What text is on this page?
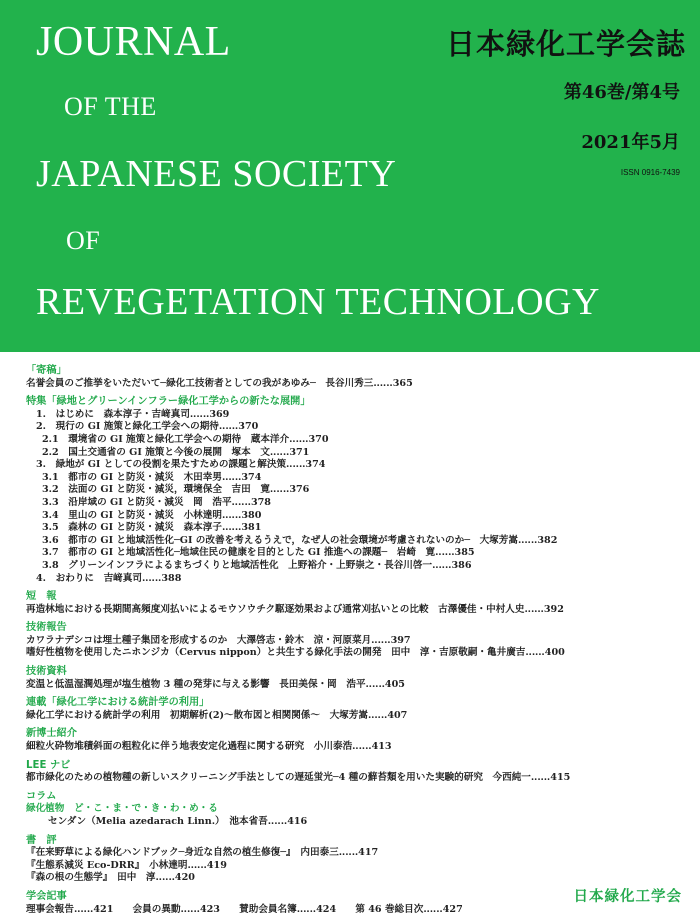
JOURNAL
OF THE
JAPANESE SOCIETY
OF
REVEGETATION TECHNOLOGY
日本緑化工学会誌
第46巻/第4号
2021年5月
ISSN 0916-7439
「寄稿」
名誉会員のご推挙をいただいて─緑化工技術者としての我があゆみ─　長谷川秀三‥‥‥365
特集「緑地とグリーンインフラー緑化工学からの新たな展開」
1.　はじめに　森本淳子・吉﨑真司‥‥‥369
2.　現行の GI 施策と緑化工学会への期待‥‥‥370
2.1　環境省の GI 施策と緑化工学会への期待　蔵本洋介‥‥‥370
2.2　国土交通省の GI 施策と今後の展開　塚本　文‥‥‥371
3.　緑地が GI としての役割を果たすための課題と解決策‥‥‥374
3.1　都市の GI と防災・減災　木田幸男‥‥‥374
3.2　法面の GI と防災・減災，環境保全　吉田　寛‥‥‥376
3.3　沿岸域の GI と防災・減災　岡　浩平‥‥‥378
3.4　里山の GI と防災・減災　小林達明‥‥‥380
3.5　森林の GI と防災・減災　森本淳子‥‥‥381
3.6　都市の GI と地域活性化─GI の改善を考えるうえで，なぜ人の社会環境が考慮されないのか─　大塚芳嵩‥‥‥382
3.7　都市の GI と地域活性化─地域住民の健康を目的とした GI 推進への課題─　岩崎　寛‥‥‥385
3.8　グリーンインフラによるまちづくりと地域活性化　上野裕介・上野崇之・長谷川啓一‥‥‥386
4.　おわりに　吉﨑真司‥‥‥388
短　報
再造林地における長期間高頻度刈払いによるモウソウチク駆逐効果および通常刈払いとの比較　古澤優佳・中村人史‥‥‥392
技術報告
カワラナデシコは埋土種子集団を形成するのか　大澤啓志・鈴木　涼・河原菜月‥‥‥397
嗜好性植物を使用したニホンジカ（Cervus nippon）と共生する緑化手法の開発　田中　淳・吉原敬嗣・亀井廣吉‥‥‥400
技術資料
変温と低温湿潤処理が塩生植物 3 種の発芽に与える影響　長田美保・岡　浩平‥‥‥405
連載「緑化工学における統計学の利用」
緑化工学における統計学の利用　初期解析(2)～散布図と相関関係～　大塚芳嵩‥‥‥407
新博士紹介
細粒火砕物堆積斜面の粗粒化に伴う地表安定化過程に関する研究　小川泰浩‥‥‥413
LEE ナビ
都市緑化のための植物種の新しいスクリーニング手法としての遅延蛍光─4 種の蘚苔類を用いた実験的研究　今西純一‥‥‥415
コラム
緑化植物　ど・こ・ま・で・き・わ・め・る
センダン（Melia azedarach Linn.）　池本省吾‥‥‥416
書　評
『在来野草による緑化ハンドブック─身近な自然の植生修復─』　内田泰三‥‥‥417
『生態系減災 Eco-DRR』　小林達明‥‥‥419
『森の根の生態学』　田中　淳‥‥‥420
学会記事
理事会報告‥‥‥421　　会員の異動‥‥‥423　　賛助会員名簿‥‥‥424　　第 46 巻総目次‥‥‥427
日本緑化工学会
